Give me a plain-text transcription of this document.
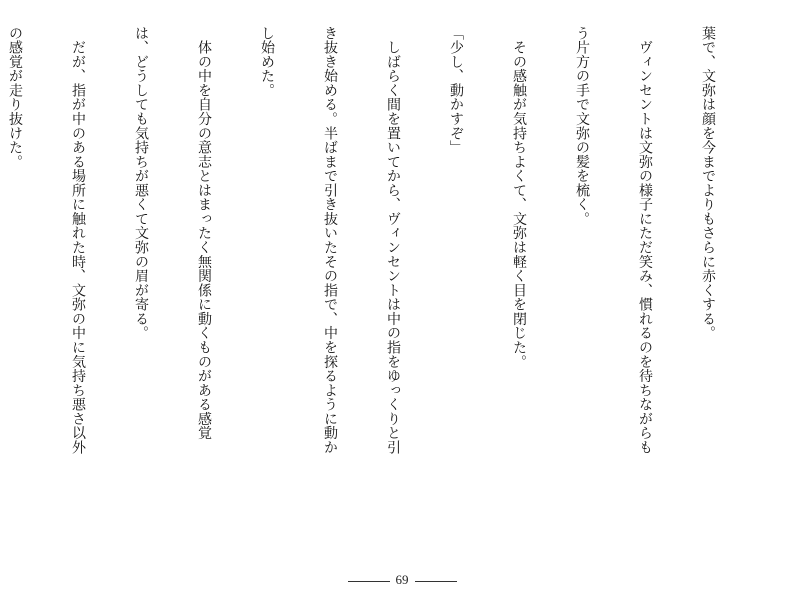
葉で、文弥は顔を今までよりもさらに赤くする。

　ヴィンセントは文弥の様子にただ笑み、慣れるのを待ちながらも

う片方の手で文弥の髪を梳く。

　その感触が気持ちよくて、文弥は軽く目を閉じた。

「少し、動かすぞ」

　しばらく間を置いてから、ヴィンセントは中の指をゆっくりと引

き抜き始める。半ばまで引き抜いたその指で、中を探るように動か

し始めた。

　体の中を自分の意志とはまったく無関係に動くものがある感覚

は、どうしても気持ちが悪くて文弥の眉が寄る。

　だが、指が中のある場所に触れた時、文弥の中に気持ち悪さ以外

の感覚が走り抜けた。

69
